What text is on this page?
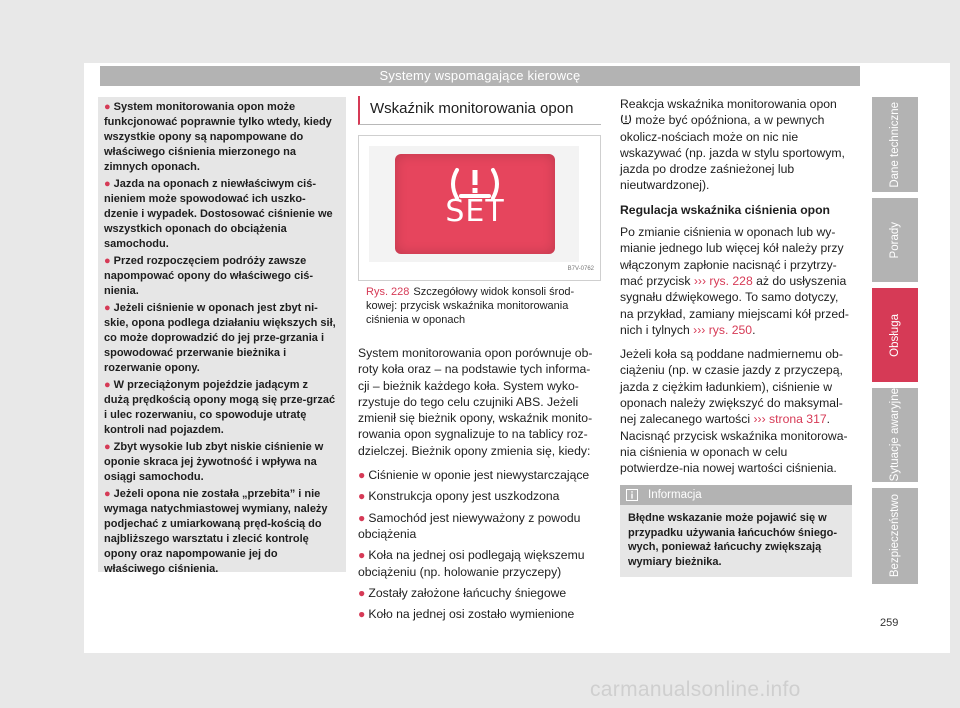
Systemy wspomagające kierowcę
● System monitorowania opon może funkcjonować poprawnie tylko wtedy, kiedy wszystkie opony są napompowane do właściwego ciśnienia mierzonego na zimnych oponach.
● Jazda na oponach z niewłaściwym ciś-nieniem może spowodować ich uszko-dzenie i wypadek. Dostosować ciśnienie we wszystkich oponach do obciążenia samochodu.
● Przed rozpoczęciem podróży zawsze napompować opony do właściwego ciś-nienia.
● Jeżeli ciśnienie w oponach jest zbyt ni-skie, opona podlega działaniu większych sił, co może doprowadzić do jej prze-grzania i spowodować przerwanie bieżnika i rozerwanie opony.
● W przeciążonym pojeździe jadącym z dużą prędkością opony mogą się prze-grzać i ulec rozerwaniu, co spowoduje utratę kontroli nad pojazdem.
● Zbyt wysokie lub zbyt niskie ciśnienie w oponie skraca jej żywotność i wpływa na osiągi samochodu.
● Jeżeli opona nie została „przebita” i nie wymaga natychmiastowej wymiany, należy podjechać z umiarkowaną pręd-kością do najbliższego warsztatu i zlecić kontrolę opony oraz napompowanie jej do właściwego ciśnienia.
Wskaźnik monitorowania opon
SET
B7V-0762
Rys. 228 Szczegółowy widok konsoli środ-kowej: przycisk wskaźnika monitorowania ciśnienia w oponach

System monitorowania opon porównuje ob-roty koła oraz – na podstawie tych informa-cji – bieżnik każdego koła. System wyko-rzystuje do tego celu czujniki ABS. Jeżeli zmienił się bieżnik opony, wskaźnik monito-rowania opon sygnalizuje to na tablicy roz-dzielczej. Bieżnik opony zmienia się, kiedy:

● Ciśnienie w oponie jest niewystarczające
● Konstrukcja opony jest uszkodzona
● Samochód jest niewyważony z powodu obciążenia
● Koła na jednej osi podlegają większemu obciążeniu (np. holowanie przyczepy)
● Zostały założone łańcuchy śniegowe
● Koło na jednej osi zostało wymienione

Reakcja wskaźnika monitorowania opon  może być opóźniona, a w pewnych okolicz-nościach może on nic nie wskazywać (np. jazda w stylu sportowym, jazda po drodze zaśnieżonej lub nieutwardzonej).

Regulacja wskaźnika ciśnienia opon

Po zmianie ciśnienia w oponach lub wy-mianie jednego lub więcej kół należy przy włączonym zapłonie nacisnąć i przytrzy-mać przycisk ››› rys. 228 aż do usłyszenia sygnału dźwiękowego. To samo dotyczy, na przykład, zamiany miejscami kół przed-nich i tylnych ››› rys. 250.

Jeżeli koła są poddane nadmiernemu ob-ciążeniu (np. w czasie jazdy z przyczepą, jazda z ciężkim ładunkiem), ciśnienie w oponach należy zwiększyć do maksymal-nej zalecanego wartości ››› strona 317. Nacisnąć przycisk wskaźnika monitorowa-nia ciśnienia w oponach w celu potwierdze-nia nowej wartości ciśnienia.

Informacja
Błędne wskazanie może pojawić się w przypadku używania łańcuchów śniego-wych, ponieważ łańcuchy zwiększają wymiary bieżnika.
Dane techniczne
Porady
Obsługa
Sytuacje awaryjne
Bezpieczeństwo
259
carmanualsonline.info
